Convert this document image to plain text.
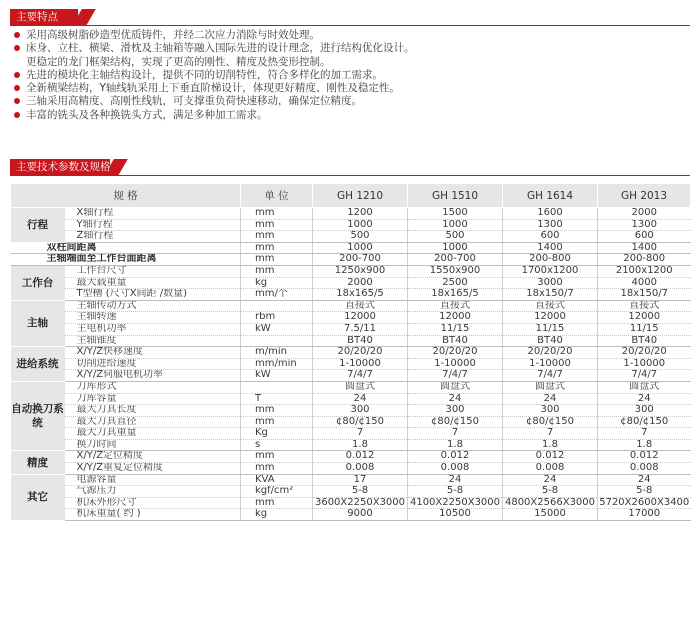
主要特点
采用高级树脂砂造型优质铸件，并经二次应力消除与时效处理。
床身、立柱、横梁、滑枕及主轴箱等融入国际先进的设计理念，进行结构优化设计。
更稳定的龙门框架结构，实现了更高的刚性、精度及热变形控制。
先进的模块化主轴结构设计，提供不同的切削特性，符合多样化的加工需求。
全新横梁结构，Y轴线轨采用上下垂直阶梯设计，体现更好精度、刚性及稳定性。
三轴采用高精度、高刚性线轨，可支撑重负荷快速移动，确保定位精度。
丰富的铣头及各种换铣头方式，满足多种加工需求。
主要技术参数及规格
规 格		单 位	GH 1210	GH 1510	GH 1614	GH 2013
行程	X轴行程	mm	1200	1500	1600	2000
	Y轴行程	mm	1000	1000	1300	1300
	Z轴行程	mm	500	500	600	600
双柱间距离		mm	1000	1000	1400	1400
主轴端面至工作台面距离		mm	200-700	200-700	200-800	200-800
工作台	工作台尺寸	mm	1250x900	1550x900	1700x1200	2100x1200
	最大载重量	kg	2000	2500	3000	4000
	T型槽 (尺寸X间距 /数量)	mm/个	18x165/5	18x165/5	18x150/7	18x150/7
主轴	主轴传动方式		直接式	直接式	直接式	直接式
	主轴转速	rbm	12000	12000	12000	12000
	主电机功率	kW	7.5/11	11/15	11/15	11/15
	主轴锥度		BT40	BT40	BT40	BT40
进给系统	X/Y/Z快移速度	m/min	20/20/20	20/20/20	20/20/20	20/20/20
	切削进给速度	mm/min	1-10000	1-10000	1-10000	1-10000
	X/Y/Z伺服电机功率	kW	7/4/7	7/4/7	7/4/7	7/4/7
自动换刀系统	刀库形式		圆盘式	圆盘式	圆盘式	圆盘式
	刀库容量	T	24	24	24	24
	最大刀具长度	mm	300	300	300	300
	最大刀具直径	mm	¢80/¢150	¢80/¢150	¢80/¢150	¢80/¢150
	最大刀具重量	Kg	7	7	7	7
	换刀时间	s	1.8	1.8	1.8	1.8
精度	X/Y/Z定位精度	mm	0.012	0.012	0.012	0.012
	X/Y/Z重复定位精度	mm	0.008	0.008	0.008	0.008
其它	电源容量	KVA	17	24	24	24
	气源压力	kgf/cm²	5-8	5-8	5-8	5-8
	机床外形尺寸	mm	3600X2250X3000	4100X2250X3000	4800X2566X3000	5720X2600X3400
	机床重量( 约 )	kg	9000	10500	15000	17000
